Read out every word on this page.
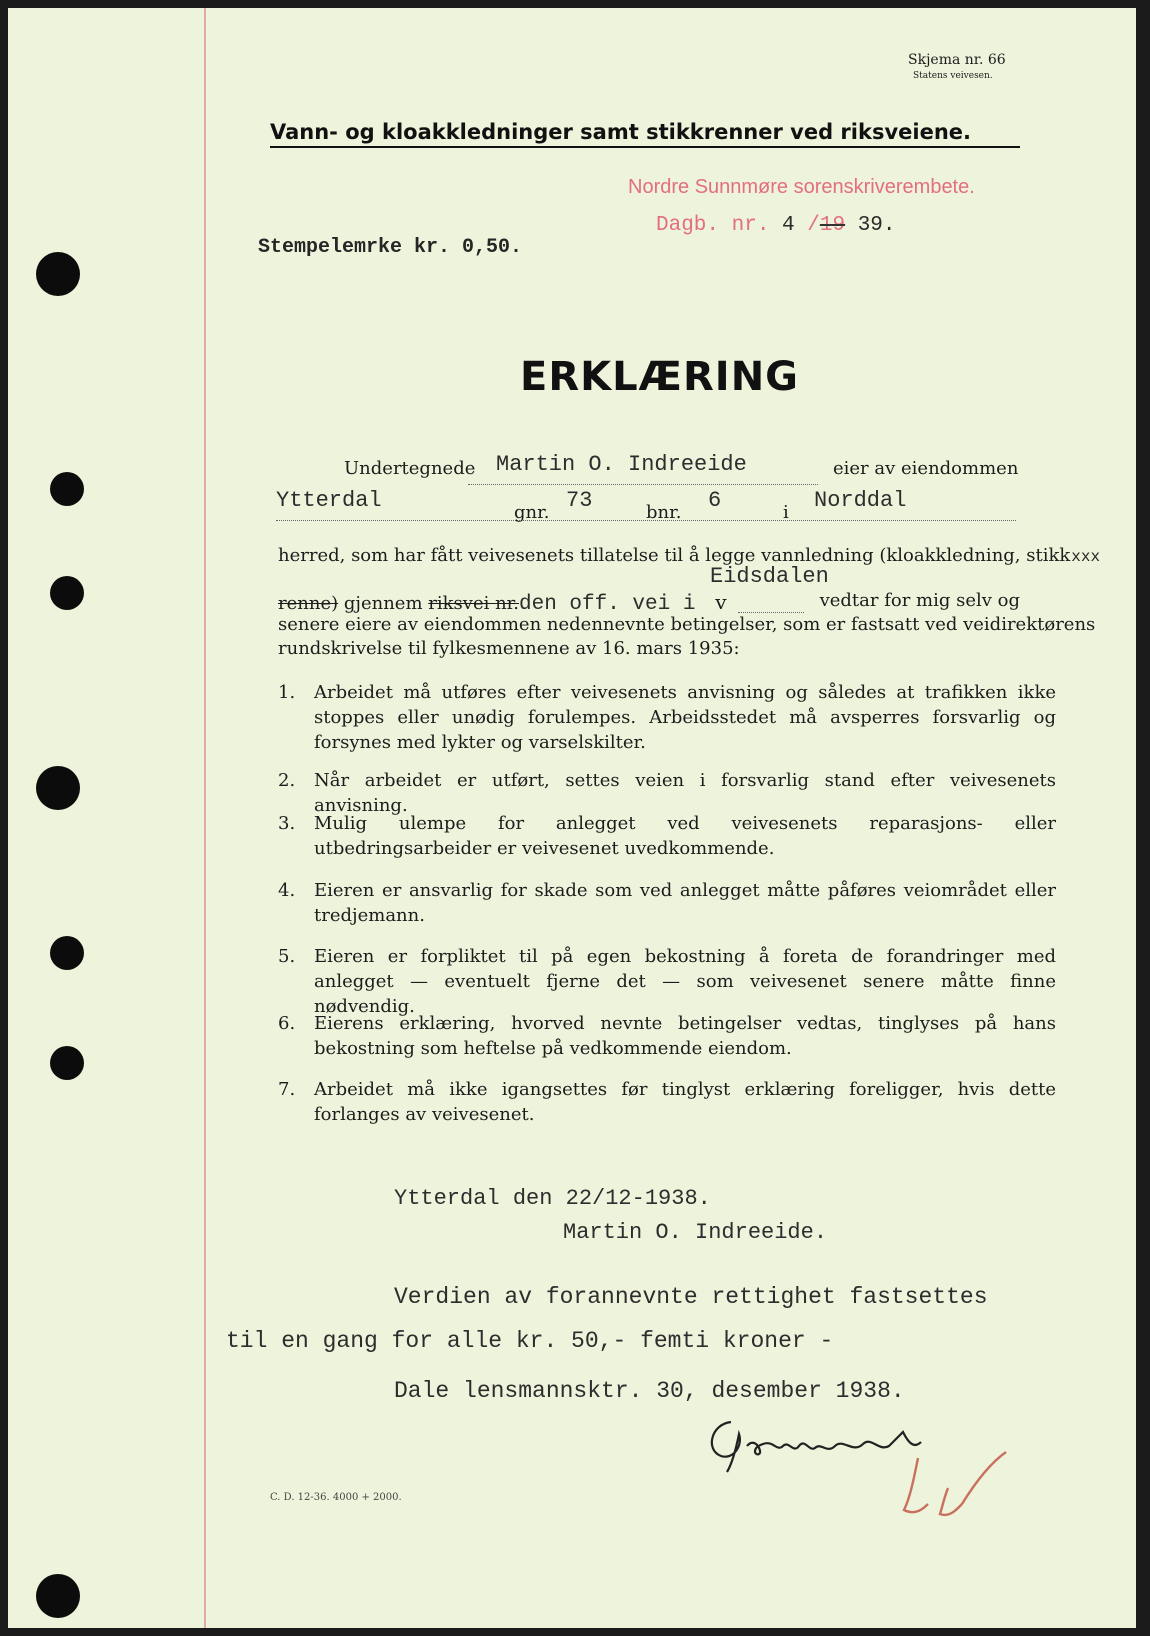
Skjema nr. 66
Statens veivesen.
Vann- og kloakkledninger samt stikkrenner ved riksveiene.
Nordre Sunnmøre sorenskriverembete.
Dagb. nr. 4 /19 39.
Stempelemrke kr. 0,50.
ERKLÆRING
Undertegnede Martin O. Indreeide	eier av eiendommen
Ytterdal	gnr. 73	bnr. 6	i Norddal
herred, som har fått veivesenets tillatelse til å legge vannledning (kloakkledning, stikkxxx
Eidsdalen
renne) gjennem riksvei nr.den off. vei i v	vedtar for mig selv og
senere eiere av eiendommen nedennevnte betingelser, som er fastsatt ved veidirektørens
rundskrivelse til fylkesmennene av 16. mars 1935:
1. Arbeidet må utføres efter veivesenets anvisning og således at trafikken ikke stoppes eller unødig forulempes. Arbeidsstedet må avsperres forsvarlig og forsynes med lykter og varselskilter.
2. Når arbeidet er utført, settes veien i forsvarlig stand efter veivesenets anvisning.
3. Mulig ulempe for anlegget ved veivesenets reparasjons- eller utbedringsarbeider er veivesenet uvedkommende.
4. Eieren er ansvarlig for skade som ved anlegget måtte påføres veiområdet eller tredjemann.
5. Eieren er forpliktet til på egen bekostning å foreta de forandringer med anlegget — eventuelt fjerne det — som veivesenet senere måtte finne nødvendig.
6. Eierens erklæring, hvorved nevnte betingelser vedtas, tinglyses på hans bekostning som heftelse på vedkommende eiendom.
7. Arbeidet må ikke igangsettes før tinglyst erklæring foreligger, hvis dette forlanges av veivesenet.
Ytterdal den 22/12-1938.
Martin O. Indreeide.
Verdien av forannevnte rettighet fastsettes
til en gang for alle kr. 50,- femti kroner -
Dale lensmannsktr. 30, desember 1938.
C. D. 12-36. 4000 + 2000.
